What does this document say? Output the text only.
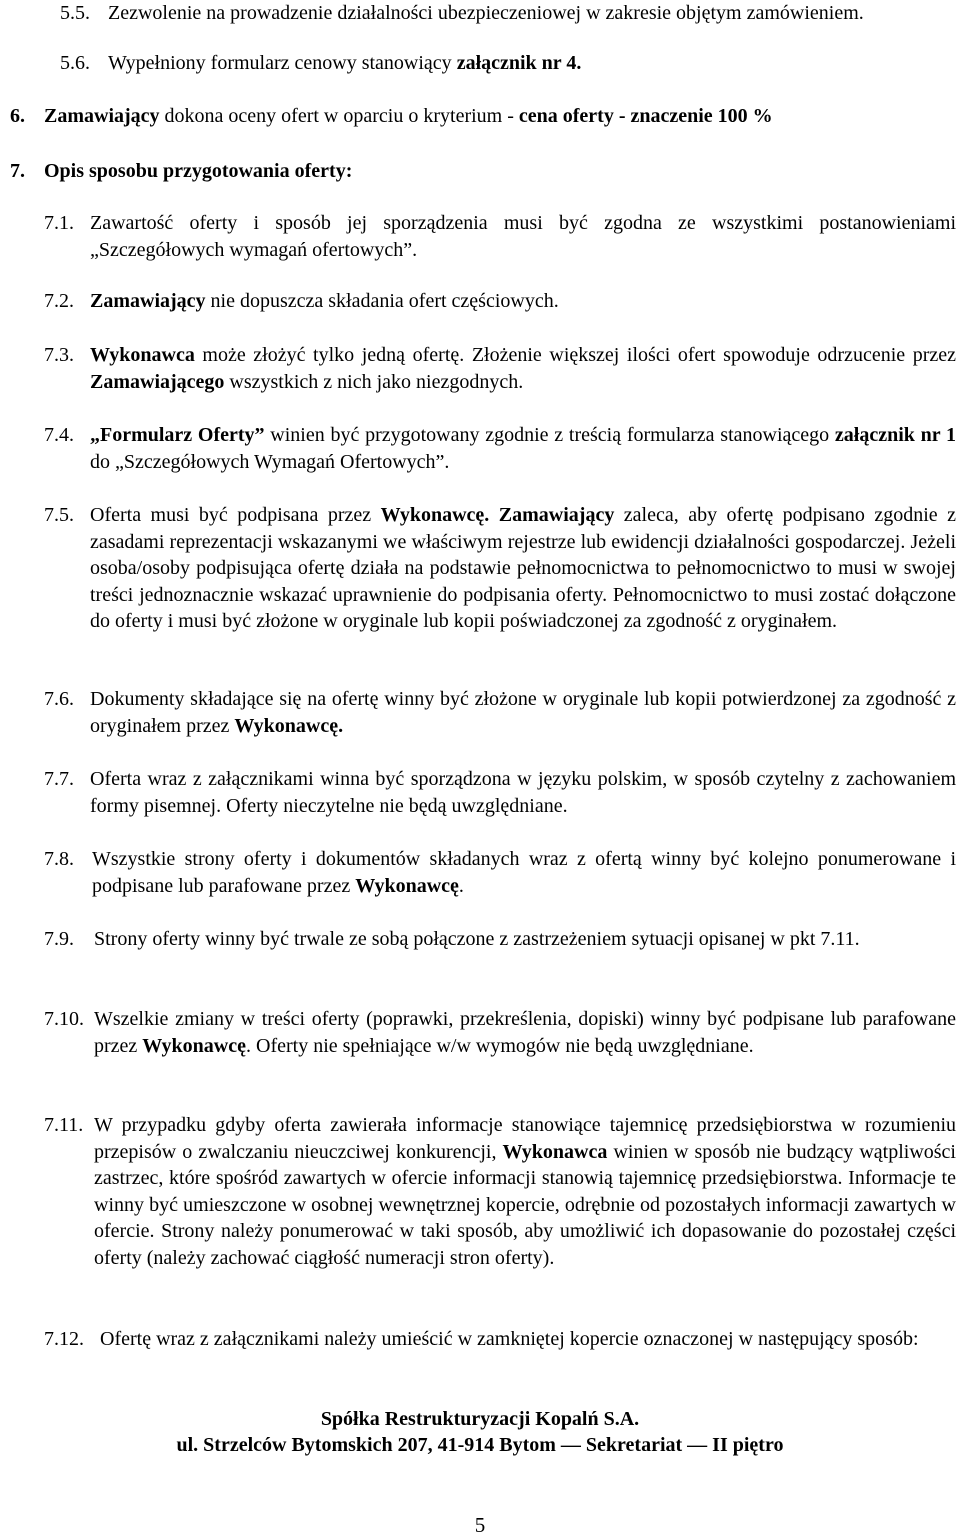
5.5. Zezwolenie na prowadzenie działalności ubezpieczeniowej w zakresie objętym zamówieniem.
5.6. Wypełniony formularz cenowy stanowiący załącznik nr 4.
6. Zamawiający dokona oceny ofert w oparciu o kryterium - cena oferty - znaczenie 100 %
7. Opis sposobu przygotowania oferty:
7.1. Zawartość oferty i sposób jej sporządzenia musi być zgodna ze wszystkimi postanowieniami „Szczegółowych wymagań ofertowych”.
7.2. Zamawiający nie dopuszcza składania ofert częściowych.
7.3. Wykonawca może złożyć tylko jedną ofertę. Złożenie większej ilości ofert spowoduje odrzucenie przez Zamawiającego wszystkich z nich jako niezgodnych.
7.4. „Formularz Oferty” winien być przygotowany zgodnie z treścią formularza stanowiącego załącznik nr 1 do „Szczegółowych Wymagań Ofertowych”.
7.5. Oferta musi być podpisana przez Wykonawcę. Zamawiający zaleca, aby ofertę podpisano zgodnie z zasadami reprezentacji wskazanymi we właściwym rejestrze lub ewidencji działalności gospodarczej. Jeżeli osoba/osoby podpisująca ofertę działa na podstawie pełnomocnictwa to pełnomocnictwo to musi w swojej treści jednoznacznie wskazać uprawnienie do podpisania oferty. Pełnomocnictwo to musi zostać dołączone do oferty i musi być złożone w oryginale lub kopii poświadczonej za zgodność z oryginałem.
7.6. Dokumenty składające się na ofertę winny być złożone w oryginale lub kopii potwierdzonej za zgodność z oryginałem przez Wykonawcę.
7.7. Oferta wraz z załącznikami winna być sporządzona w języku polskim, w sposób czytelny z zachowaniem formy pisemnej. Oferty nieczytelne nie będą uwzględniane.
7.8. Wszystkie strony oferty i dokumentów składanych wraz z ofertą winny być kolejno ponumerowane i podpisane lub parafowane przez Wykonawcę.
7.9. Strony oferty winny być trwale ze sobą połączone z zastrzeżeniem sytuacji opisanej w pkt 7.11.
7.10. Wszelkie zmiany w treści oferty (poprawki, przekreślenia, dopiski) winny być podpisane lub parafowane przez Wykonawcę. Oferty nie spełniające w/w wymogów nie będą uwzględniane.
7.11. W przypadku gdyby oferta zawierała informacje stanowiące tajemnicę przedsiębiorstwa w rozumieniu przepisów o zwalczaniu nieuczciwej konkurencji, Wykonawca winien w sposób nie budzący wątpliwości zastrzec, które spośród zawartych w ofercie informacji stanowią tajemnicę przedsiębiorstwa. Informacje te winny być umieszczone w osobnej wewnętrznej kopercie, odrębnie od pozostałych informacji zawartych w ofercie. Strony należy ponumerować w taki sposób, aby umożliwić ich dopasowanie do pozostałej części oferty (należy zachować ciągłość numeracji stron oferty).
7.12. Ofertę wraz z załącznikami należy umieścić w zamkniętej kopercie oznaczonej w następujący sposób:
Spółka Restrukturyzacji Kopalń S.A.
ul. Strzelców Bytomskich 207, 41-914 Bytom — Sekretariat — II piętro
5
